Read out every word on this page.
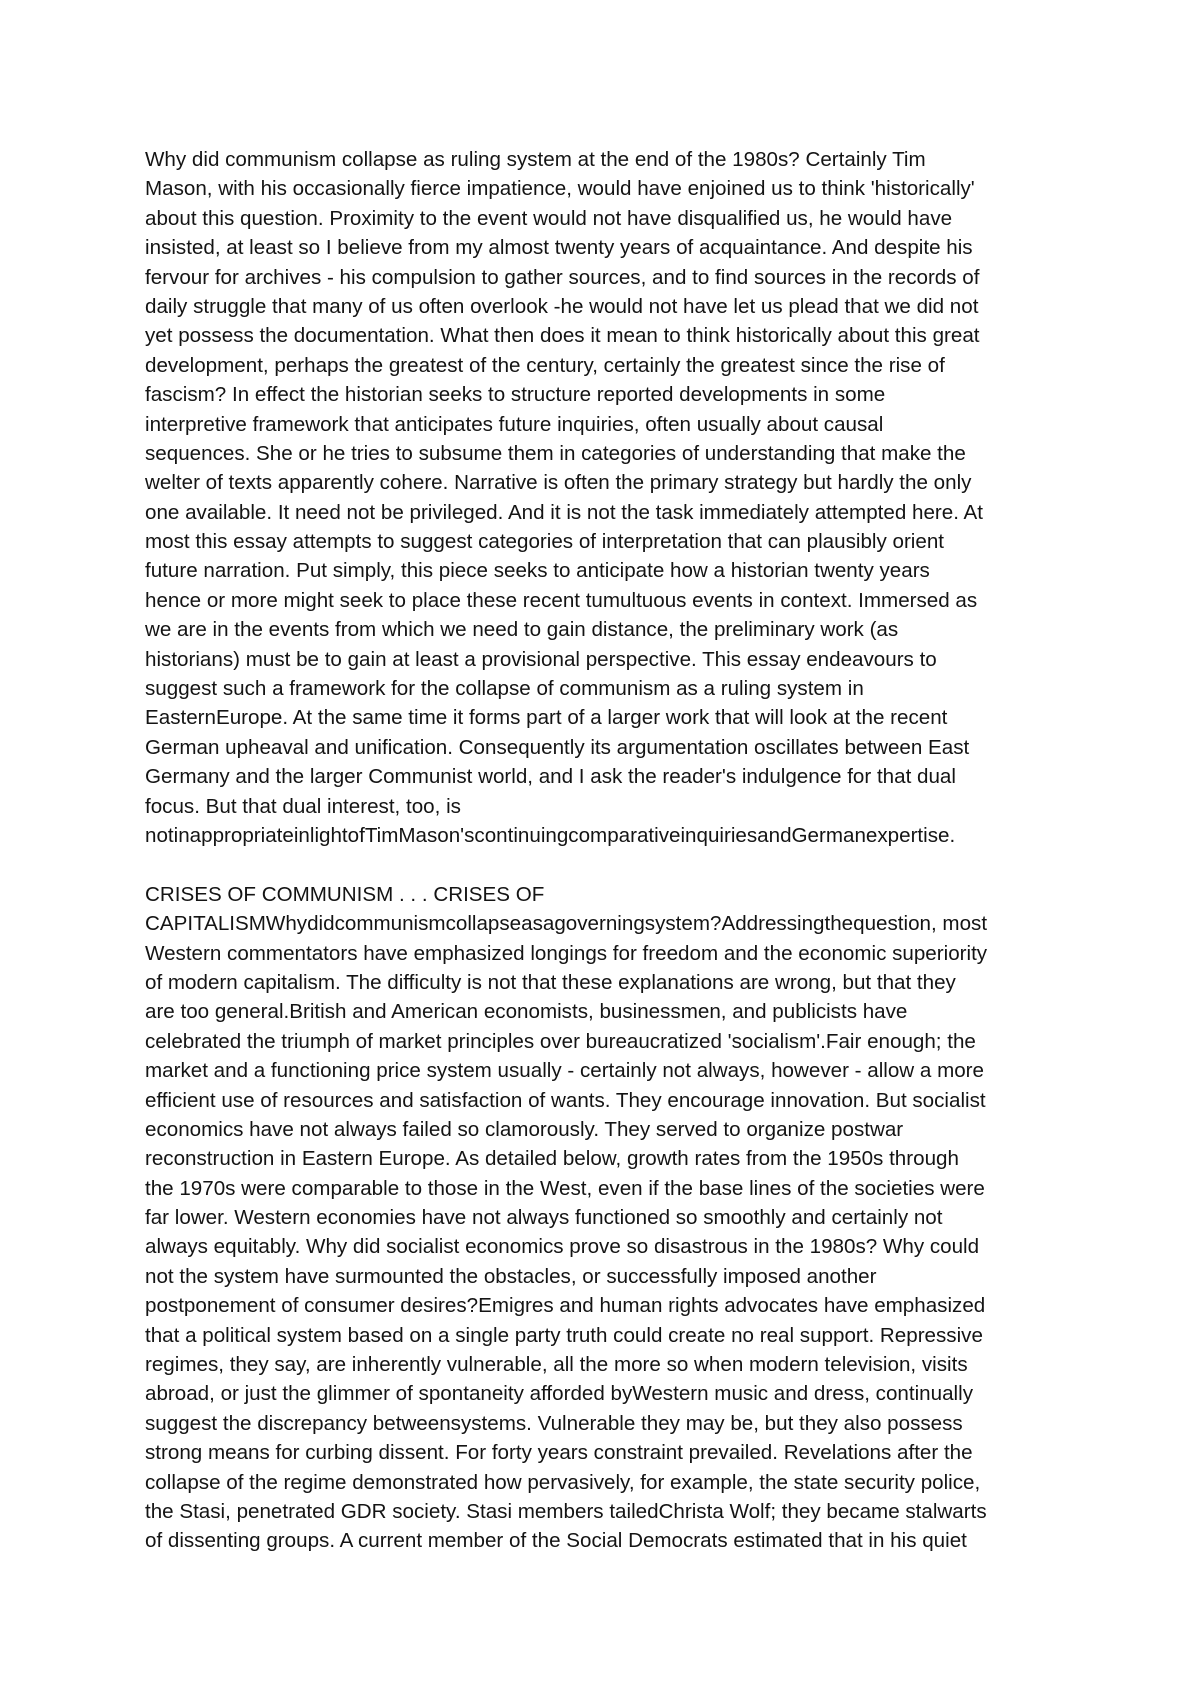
Why did communism collapse as ruling system at the end of the 1980s? Certainly Tim
Mason, with his occasionally fierce impatience, would have enjoined us to think 'historically'
about this question. Proximity to the event would not have disqualified us, he would have
insisted, at least so I believe from my almost twenty years of acquaintance. And despite his
fervour for archives - his compulsion to gather sources, and to find sources in the records of
daily struggle that many of us often overlook -he would not have let us plead that we did not
yet possess the documentation. What then does it mean to think historically about this great
development, perhaps the greatest of the century, certainly the greatest since the rise of
fascism? In effect the historian seeks to structure reported developments in some
interpretive framework that anticipates future inquiries, often usually about causal
sequences. She or he tries to subsume them in categories of understanding that make the
welter of texts apparently cohere. Narrative is often the primary strategy but hardly the only
one available. It need not be privileged. And it is not the task immediately attempted here. At
most this essay attempts to suggest categories of interpretation that can plausibly orient
future narration. Put simply, this piece seeks to anticipate how a historian twenty years
hence or more might seek to place these recent tumultuous events in context. Immersed as
we are in the events from which we need to gain distance, the preliminary work (as
historians) must be to gain at least a provisional perspective. This essay endeavours to
suggest such a framework for the collapse of communism as a ruling system in
EasternEurope. At the same time it forms part of a larger work that will look at the recent
German upheaval and unification. Consequently its argumentation oscillates between East
Germany and the larger Communist world, and I ask the reader's indulgence for that dual
focus. But that dual interest, too, is
notinappropriateinlightofTimMason'scontinuingcomparativeinquiriesandGermanexpertise.
CRISES OF COMMUNISM . . . CRISES OF
CAPITALISMWhydidcommunismcollapseasagoverningsystem?Addressingthequestion, most
Western commentators have emphasized longings for freedom and the economic superiority
of modern capitalism. The difficulty is not that these explanations are wrong, but that they
are too general.British and American economists, businessmen, and publicists have
celebrated the triumph of market principles over bureaucratized 'socialism'.Fair enough; the
market and a functioning price system usually - certainly not always, however - allow a more
efficient use of resources and satisfaction of wants. They encourage innovation. But socialist
economics have not always failed so clamorously. They served to organize postwar
reconstruction in Eastern Europe. As detailed below, growth rates from the 1950s through
the 1970s were comparable to those in the West, even if the base lines of the societies were
far lower. Western economies have not always functioned so smoothly and certainly not
always equitably. Why did socialist economics prove so disastrous in the 1980s? Why could
not the system have surmounted the obstacles, or successfully imposed another
postponement of consumer desires?Emigres and human rights advocates have emphasized
that a political system based on a single party truth could create no real support. Repressive
regimes, they say, are inherently vulnerable, all the more so when modern television, visits
abroad, or just the glimmer of spontaneity afforded byWestern music and dress, continually
suggest the discrepancy betweensystems. Vulnerable they may be, but they also possess
strong means for curbing dissent. For forty years constraint prevailed. Revelations after the
collapse of the regime demonstrated how pervasively, for example, the state security police,
the Stasi, penetrated GDR society. Stasi members tailedChrista Wolf; they became stalwarts
of dissenting groups. A current member of the Social Democrats estimated that in his quiet
